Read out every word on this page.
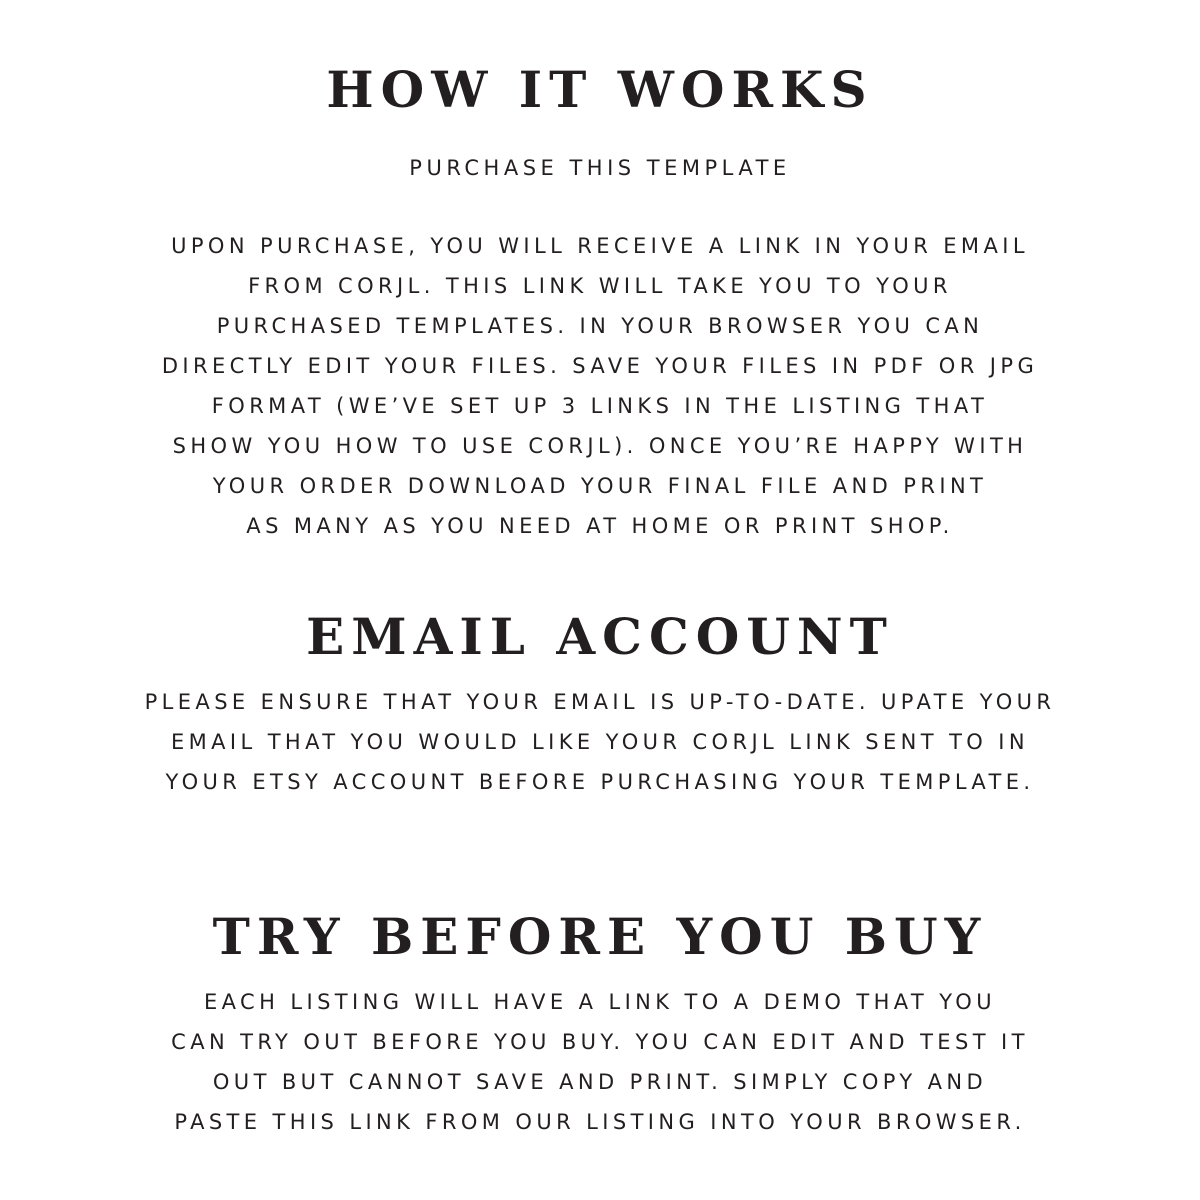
HOW IT WORKS
PURCHASE THIS TEMPLATE

UPON PURCHASE, YOU WILL RECEIVE A LINK IN YOUR EMAIL
FROM CORJL. THIS LINK WILL TAKE YOU TO YOUR
PURCHASED TEMPLATES. IN YOUR BROWSER YOU CAN
DIRECTLY EDIT YOUR FILES. SAVE YOUR FILES IN PDF OR JPG
FORMAT (WE’VE SET UP 3 LINKS IN THE LISTING THAT
SHOW YOU HOW TO USE CORJL). ONCE YOU’RE HAPPY WITH
YOUR ORDER DOWNLOAD YOUR FINAL FILE AND PRINT
AS MANY AS YOU NEED AT HOME OR PRINT SHOP.

EMAIL ACCOUNT

PLEASE ENSURE THAT YOUR EMAIL IS UP-TO-DATE. UPATE YOUR
EMAIL THAT YOU WOULD LIKE YOUR CORJL LINK SENT TO IN
YOUR ETSY ACCOUNT BEFORE PURCHASING YOUR TEMPLATE.

TRY BEFORE YOU BUY

EACH LISTING WILL HAVE A LINK TO A DEMO THAT YOU
CAN TRY OUT BEFORE YOU BUY. YOU CAN EDIT AND TEST IT
OUT BUT CANNOT SAVE AND PRINT. SIMPLY COPY AND
PASTE THIS LINK FROM OUR LISTING INTO YOUR BROWSER.
